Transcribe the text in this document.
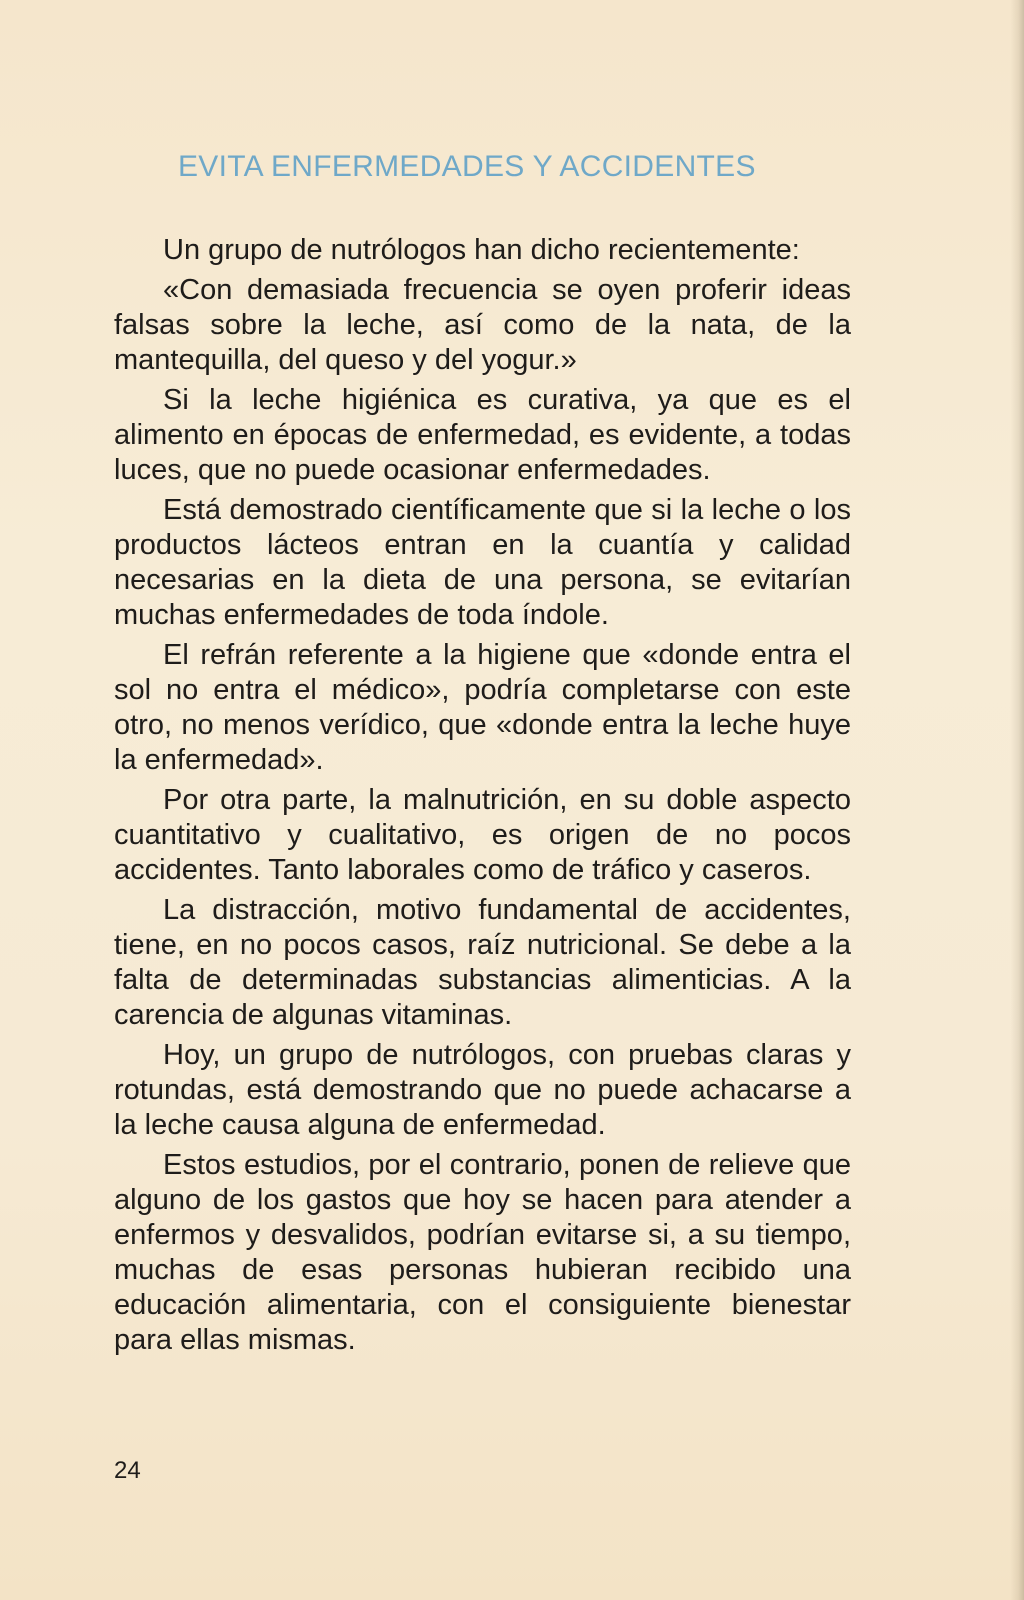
EVITA ENFERMEDADES Y ACCIDENTES

Un grupo de nutrólogos han dicho recientemente:

«Con demasiada frecuencia se oyen proferir ideas falsas sobre la leche, así como de la nata, de la mantequilla, del queso y del yogur.»

Si la leche higiénica es curativa, ya que es el alimento en épocas de enfermedad, es evidente, a todas luces, que no puede ocasionar enfermedades.

Está demostrado científicamente que si la leche o los productos lácteos entran en la cuantía y calidad necesarias en la dieta de una persona, se evitarían muchas enfermedades de toda índole.

El refrán referente a la higiene que «donde entra el sol no entra el médico», podría completarse con este otro, no menos verídico, que «donde entra la leche huye la enfermedad».

Por otra parte, la malnutrición, en su doble aspecto cuantitativo y cualitativo, es origen de no pocos accidentes. Tanto laborales como de tráfico y caseros.

La distracción, motivo fundamental de accidentes, tiene, en no pocos casos, raíz nutricional. Se debe a la falta de determinadas substancias alimenticias. A la carencia de algunas vitaminas.

Hoy, un grupo de nutrólogos, con pruebas claras y rotundas, está demostrando que no puede achacarse a la leche causa alguna de enfermedad.

Estos estudios, por el contrario, ponen de relieve que alguno de los gastos que hoy se hacen para atender a enfermos y desvalidos, podrían evitarse si, a su tiempo, muchas de esas personas hubieran recibido una educación alimentaria, con el consiguiente bienestar para ellas mismas.

24
